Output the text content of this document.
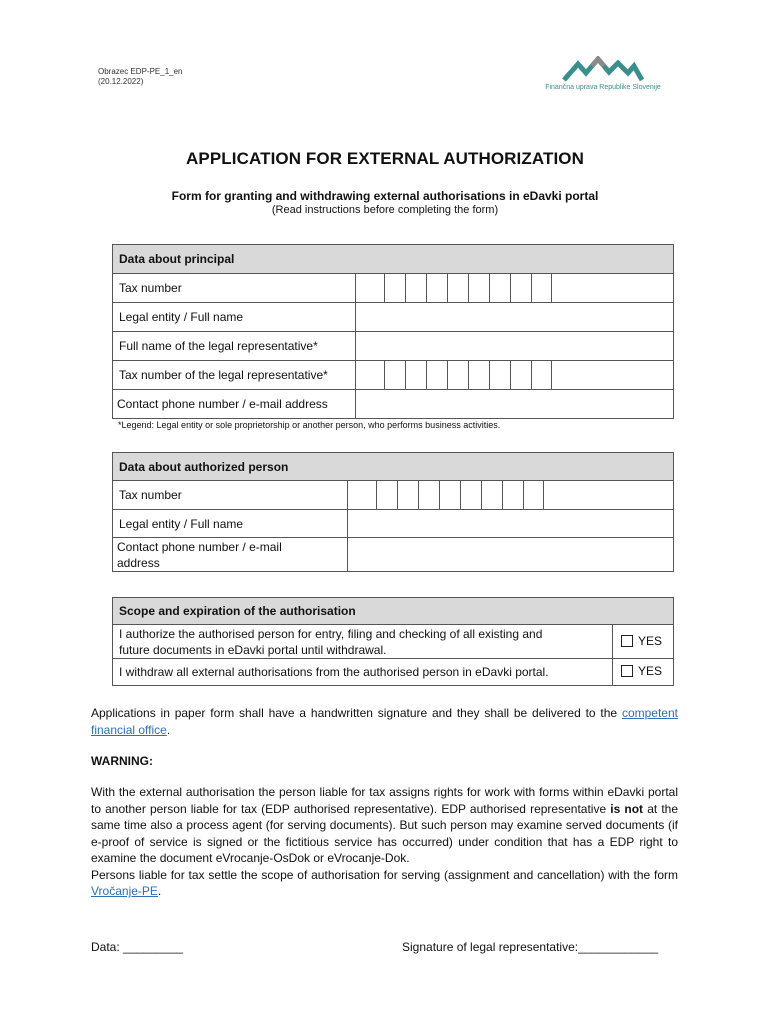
Obrazec EDP-PE_1_en
(20.12.2022)
Finančna uprava Republike Slovenije
APPLICATION FOR EXTERNAL AUTHORIZATION
Form for granting and withdrawing external authorisations in eDavki portal
(Read instructions before completing the form)
Data about principal	
Tax number	

Legal entity / Full name	
Full name of the legal representative*	
Tax number of the legal representative*	

Contact phone number / e-mail address	
*Legend: Legal entity or sole proprietorship or another person, who performs business activities.
Data about authorized person	
Tax number	

Legal entity / Full name	

Contact phone number / e-mail
address	

Scope and expiration of the authorisation	

I authorize the authorised person for entry, filing and checking of all existing and
future documents in eDavki portal until withdrawal.	YES

I withdraw all external authorisations from the authorised person in eDavki portal.	YES
Applications in paper form shall have a handwritten signature and they shall be delivered to the competent financial office.
WARNING:
With the external authorisation the person liable for tax assigns rights for work with forms within eDavki portal to another person liable for tax (EDP authorised representative). EDP authorised representative is not at the same time also a process agent (for serving documents). But such person may examine served documents (if e-proof of service is signed or the fictitious service has occurred) under condition that has a EDP right to examine the document eVrocanje-OsDok or eVrocanje-Dok.
Persons liable for tax settle the scope of authorisation for serving (assignment and cancellation) with the form Vročanje-PE.
Data: _________	Signature of legal representative:____________
